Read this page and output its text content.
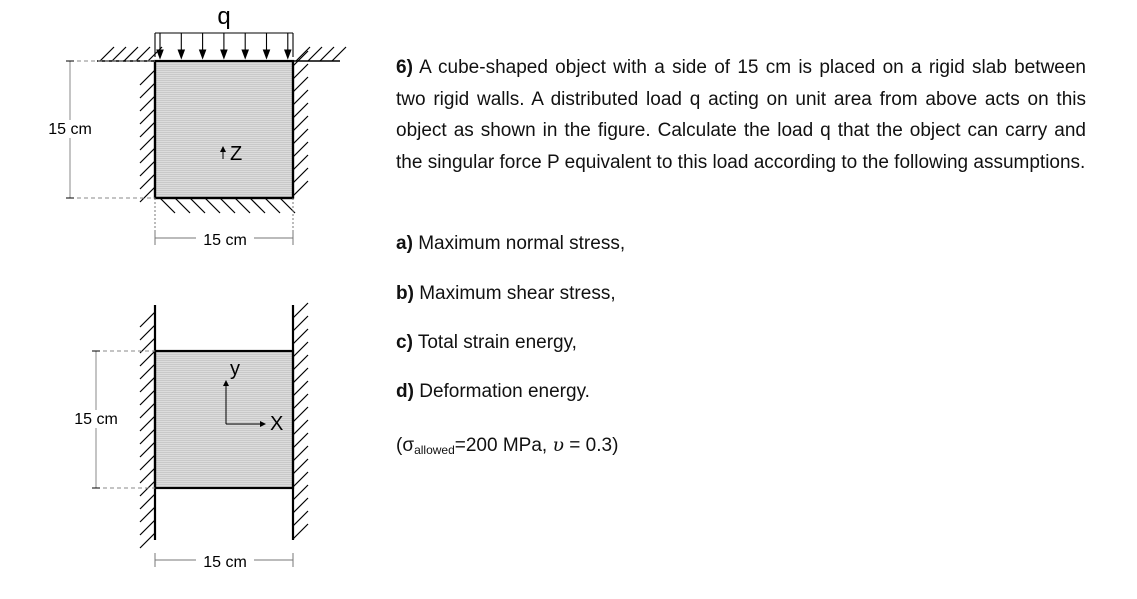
q
Z
15 cm
15 cm
y
X
15 cm
15 cm

6) A cube-shaped object with a side of 15 cm is placed on a rigid slab between two rigid walls. A distributed load q acting on unit area from above acts on this object as shown in the figure. Calculate the load q that the object can carry and the singular force P equivalent to this load according to the following assumptions.

a) Maximum normal stress,

b) Maximum shear stress,

c) Total strain energy,

d) Deformation energy.

($\sigma_{allowed}=200$ MPa, υ = 0.3)
